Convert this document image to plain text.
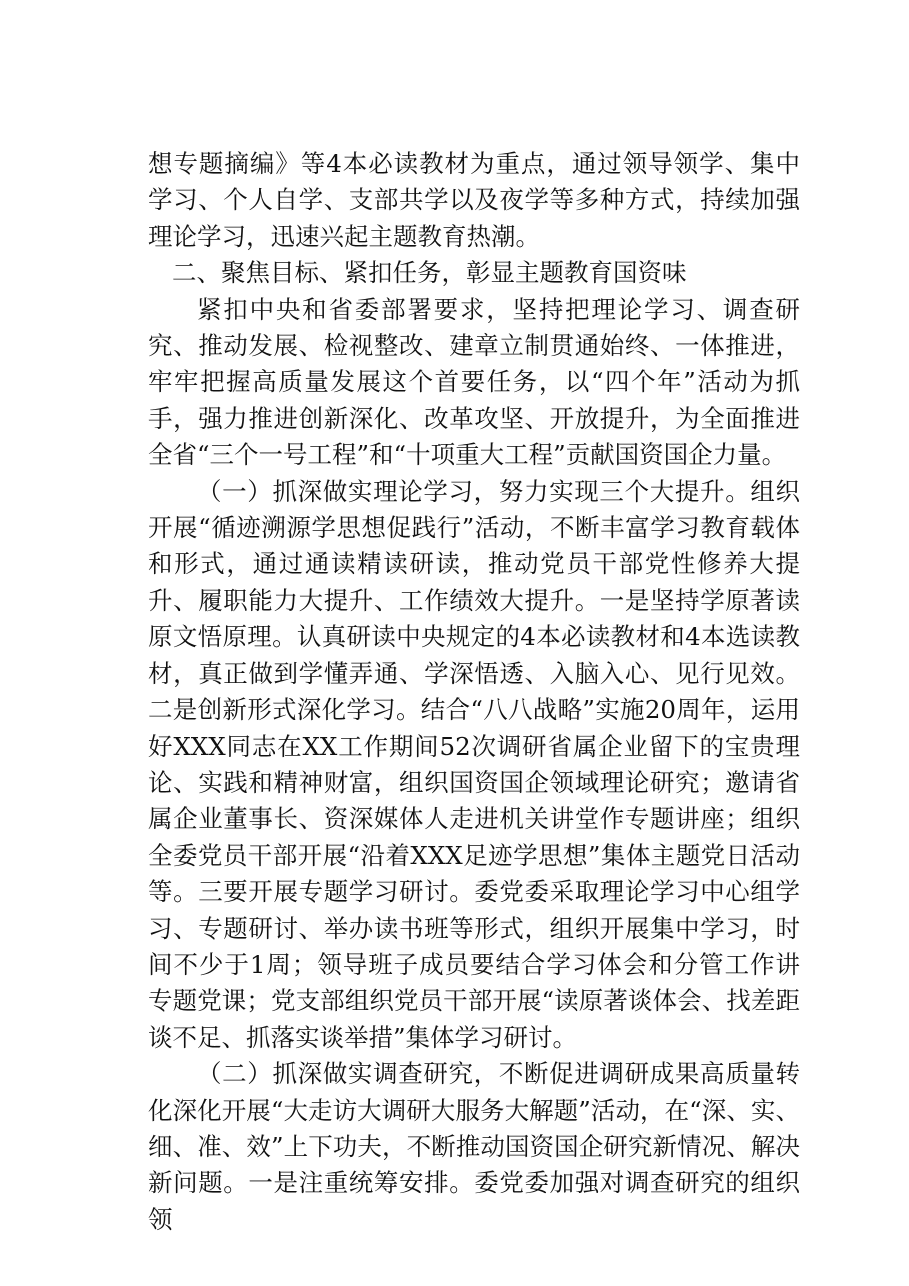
想专题摘编》等4本必读教材为重点，通过领导领学、集中学习、个人自学、支部共学以及夜学等多种方式，持续加强理论学习，迅速兴起主题教育热潮。

二、聚焦目标、紧扣任务，彰显主题教育国资味

紧扣中央和省委部署要求，坚持把理论学习、调查研究、推动发展、检视整改、建章立制贯通始终、一体推进，牢牢把握高质量发展这个首要任务，以“四个年”活动为抓手，强力推进创新深化、改革攻坚、开放提升，为全面推进全省“三个一号工程”和“十项重大工程”贡献国资国企力量。

（一）抓深做实理论学习，努力实现三个大提升。组织开展“循迹溯源学思想促践行”活动，不断丰富学习教育载体和形式，通过通读精读研读，推动党员干部党性修养大提升、履职能力大提升、工作绩效大提升。一是坚持学原著读原文悟原理。认真研读中央规定的4本必读教材和4本选读教材，真正做到学懂弄通、学深悟透、入脑入心、见行见效。二是创新形式深化学习。结合“八八战略”实施20周年，运用好XXX同志在XX工作期间52次调研省属企业留下的宝贵理论、实践和精神财富，组织国资国企领域理论研究；邀请省属企业董事长、资深媒体人走进机关讲堂作专题讲座；组织全委党员干部开展“沿着XXX足迹学思想”集体主题党日活动等。三要开展专题学习研讨。委党委采取理论学习中心组学习、专题研讨、举办读书班等形式，组织开展集中学习，时间不少于1周；领导班子成员要结合学习体会和分管工作讲专题党课；党支部组织党员干部开展“读原著谈体会、找差距谈不足、抓落实谈举措”集体学习研讨。

（二）抓深做实调查研究，不断促进调研成果高质量转化深化开展“大走访大调研大服务大解题”活动，在“深、实、细、准、效”上下功夫，不断推动国资国企研究新情况、解决新问题。一是注重统筹安排。委党委加强对调查研究的组织领
